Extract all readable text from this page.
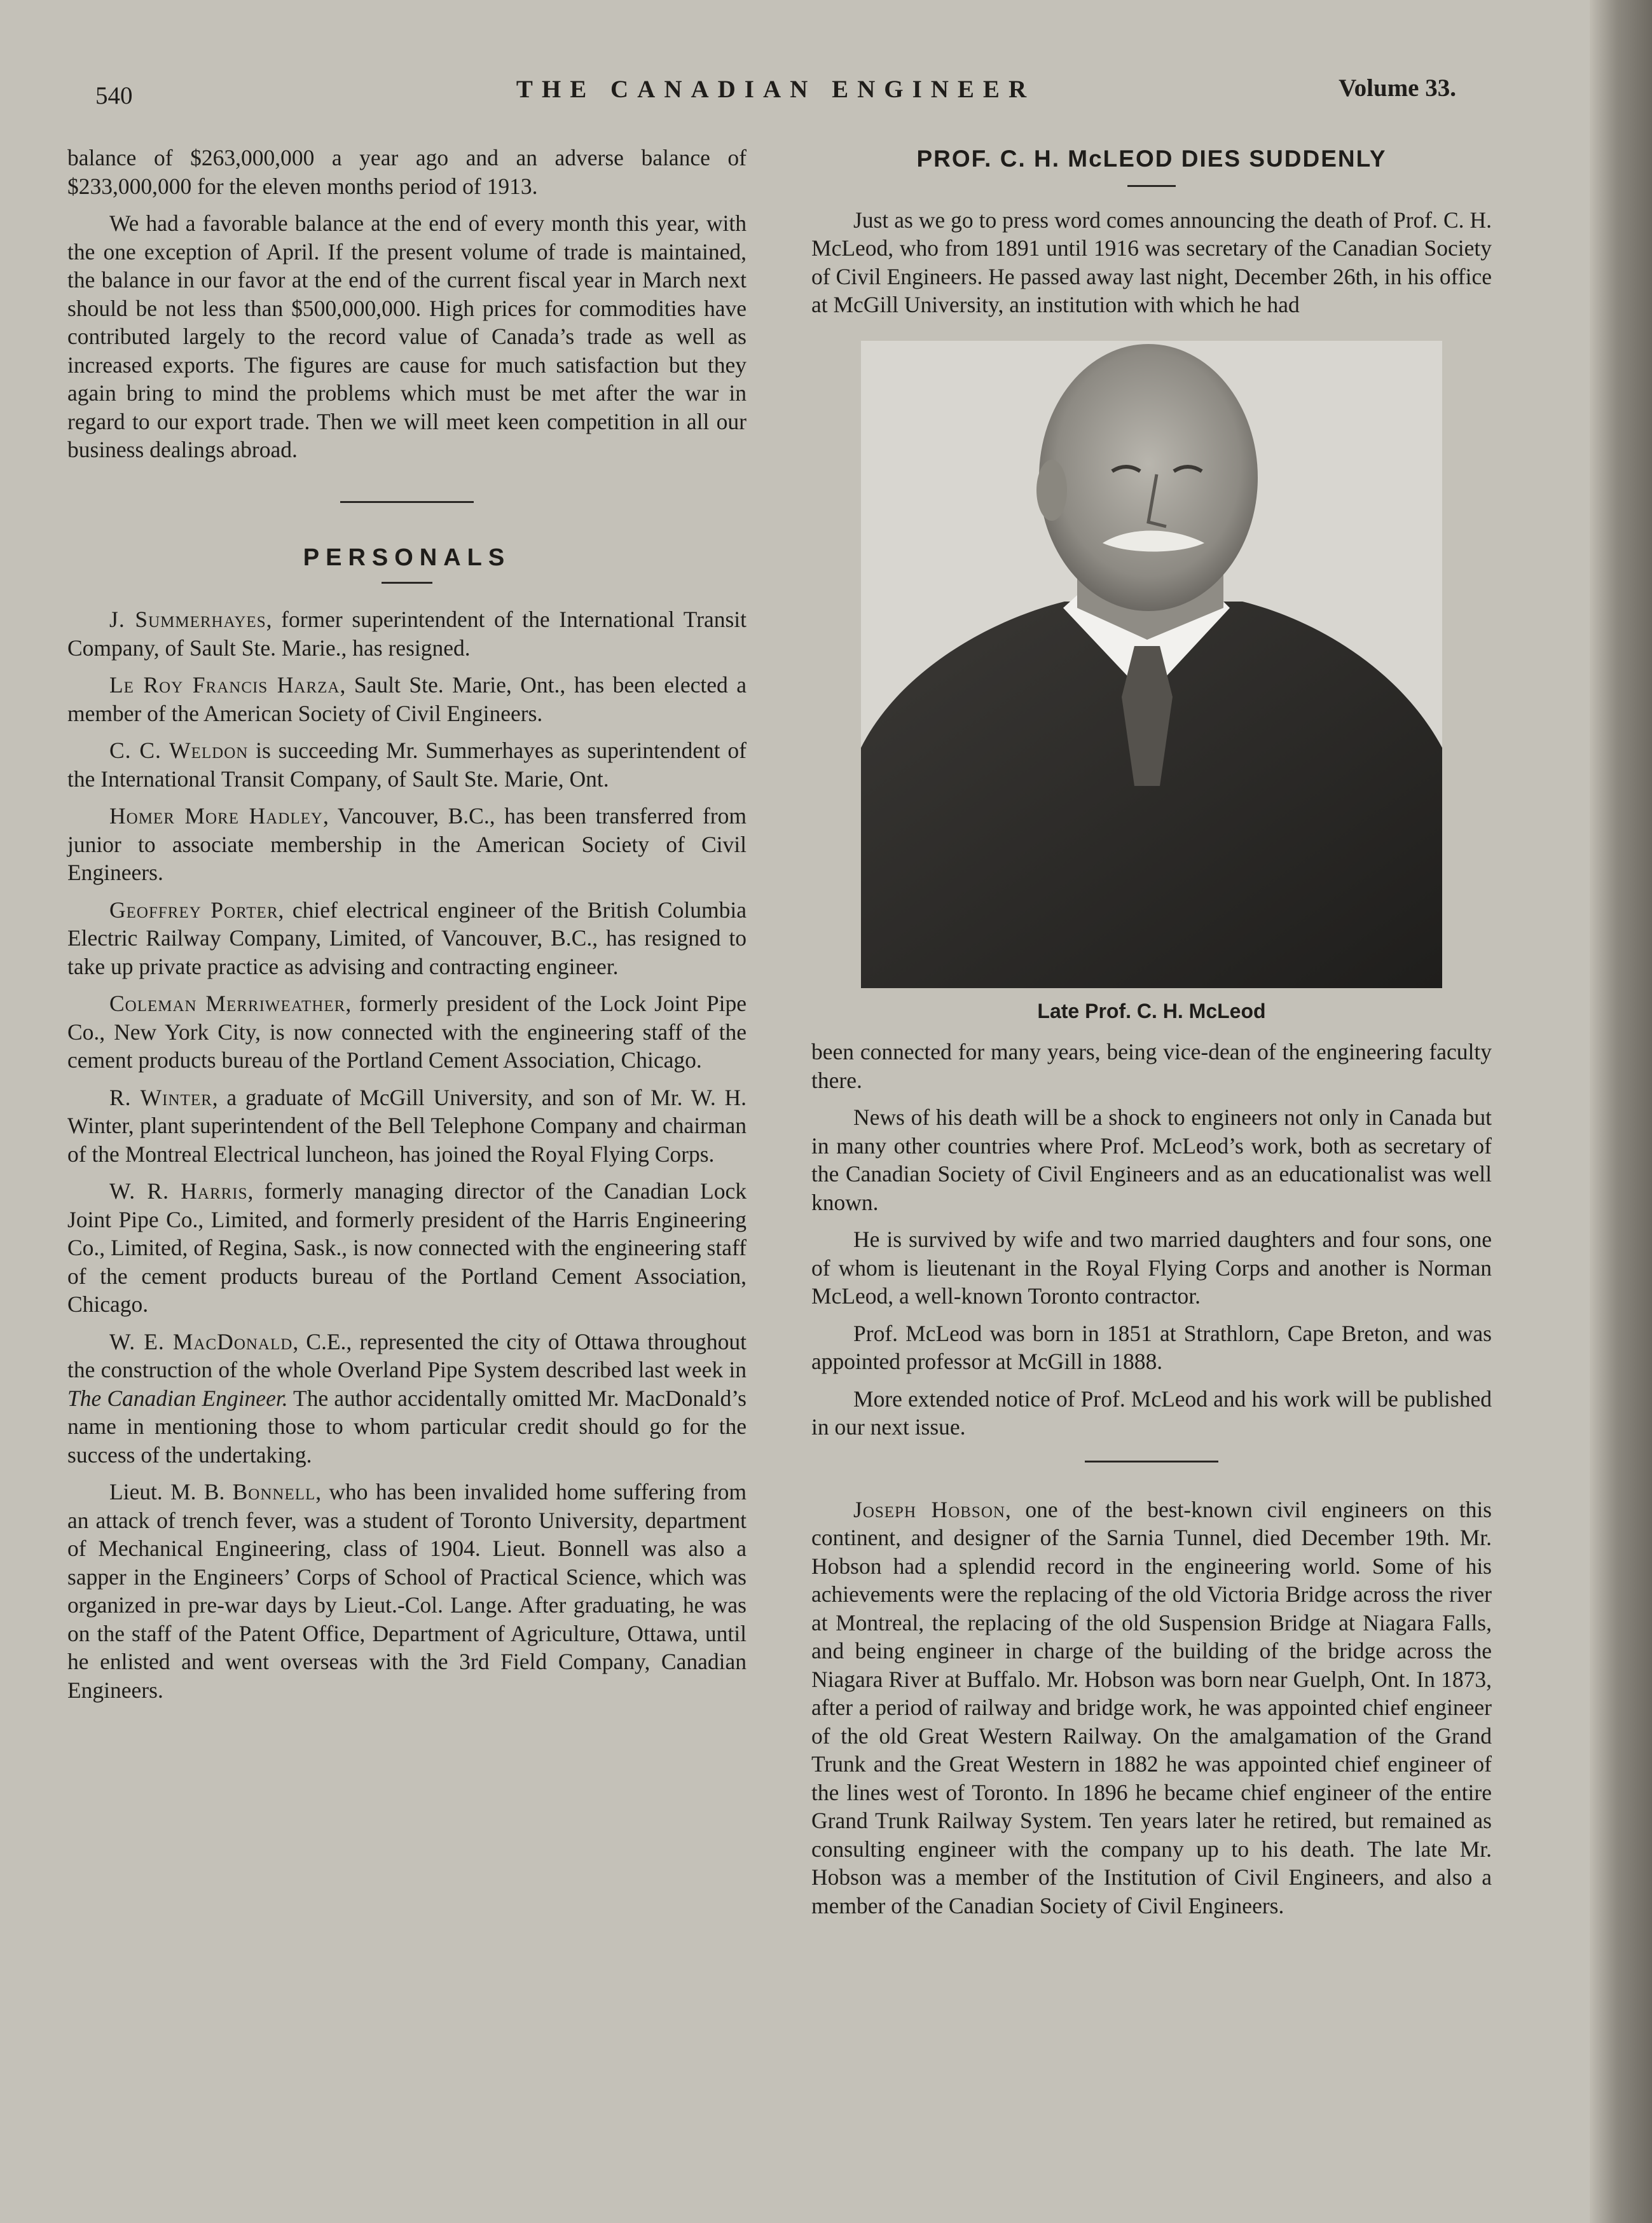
540	THE CANADIAN ENGINEER	Volume 33.

balance of $263,000,000 a year ago and an adverse balance of $233,000,000 for the eleven months period of 1913.

We had a favorable balance at the end of every month this year, with the one exception of April. If the present volume of trade is maintained, the balance in our favor at the end of the current fiscal year in March next should be not less than $500,000,000. High prices for commodities have contributed largely to the record value of Canada’s trade as well as increased exports. The figures are cause for much satisfaction but they again bring to mind the problems which must be met after the war in regard to our export trade. Then we will meet keen competition in all our business dealings abroad.

PERSONALS

J. Summerhayes, former superintendent of the International Transit Company, of Sault Ste. Marie., has resigned.

Le Roy Francis Harza, Sault Ste. Marie, Ont., has been elected a member of the American Society of Civil Engineers.

C. C. Weldon is succeeding Mr. Summerhayes as superintendent of the International Transit Company, of Sault Ste. Marie, Ont.

Homer More Hadley, Vancouver, B.C., has been transferred from junior to associate membership in the American Society of Civil Engineers.

Geoffrey Porter, chief electrical engineer of the British Columbia Electric Railway Company, Limited, of Vancouver, B.C., has resigned to take up private practice as advising and contracting engineer.

Coleman Merriweather, formerly president of the Lock Joint Pipe Co., New York City, is now connected with the engineering staff of the cement products bureau of the Portland Cement Association, Chicago.

R. Winter, a graduate of McGill University, and son of Mr. W. H. Winter, plant superintendent of the Bell Telephone Company and chairman of the Montreal Electrical luncheon, has joined the Royal Flying Corps.

W. R. Harris, formerly managing director of the Canadian Lock Joint Pipe Co., Limited, and formerly president of the Harris Engineering Co., Limited, of Regina, Sask., is now connected with the engineering staff of the cement products bureau of the Portland Cement Association, Chicago.

W. E. MacDonald, C.E., represented the city of Ottawa throughout the construction of the whole Overland Pipe System described last week in The Canadian Engineer. The author accidentally omitted Mr. MacDonald’s name in mentioning those to whom particular credit should go for the success of the undertaking.

Lieut. M. B. Bonnell, who has been invalided home suffering from an attack of trench fever, was a student of Toronto University, department of Mechanical Engineering, class of 1904. Lieut. Bonnell was also a sapper in the Engineers’ Corps of School of Practical Science, which was organized in pre-war days by Lieut.-Col. Lange. After graduating, he was on the staff of the Patent Office, Department of Agriculture, Ottawa, until he enlisted and went overseas with the 3rd Field Company, Canadian Engineers.

PROF. C. H. McLEOD DIES SUDDENLY

Just as we go to press word comes announcing the death of Prof. C. H. McLeod, who from 1891 until 1916 was secretary of the Canadian Society of Civil Engineers. He passed away last night, December 26th, in his office at McGill University, an institution with which he had

Late Prof. C. H. McLeod

been connected for many years, being vice-dean of the engineering faculty there.

News of his death will be a shock to engineers not only in Canada but in many other countries where Prof. McLeod’s work, both as secretary of the Canadian Society of Civil Engineers and as an educationalist was well known.

He is survived by wife and two married daughters and four sons, one of whom is lieutenant in the Royal Flying Corps and another is Norman McLeod, a well-known Toronto contractor.

Prof. McLeod was born in 1851 at Strathlorn, Cape Breton, and was appointed professor at McGill in 1888.

More extended notice of Prof. McLeod and his work will be published in our next issue.

Joseph Hobson, one of the best-known civil engineers on this continent, and designer of the Sarnia Tunnel, died December 19th. Mr. Hobson had a splendid record in the engineering world. Some of his achievements were the replacing of the old Victoria Bridge across the river at Montreal, the replacing of the old Suspension Bridge at Niagara Falls, and being engineer in charge of the building of the bridge across the Niagara River at Buffalo. Mr. Hobson was born near Guelph, Ont. In 1873, after a period of railway and bridge work, he was appointed chief engineer of the old Great Western Railway. On the amalgamation of the Grand Trunk and the Great Western in 1882 he was appointed chief engineer of the lines west of Toronto. In 1896 he became chief engineer of the entire Grand Trunk Railway System. Ten years later he retired, but remained as consulting engineer with the company up to his death. The late Mr. Hobson was a member of the Institution of Civil Engineers, and also a member of the Canadian Society of Civil Engineers.
